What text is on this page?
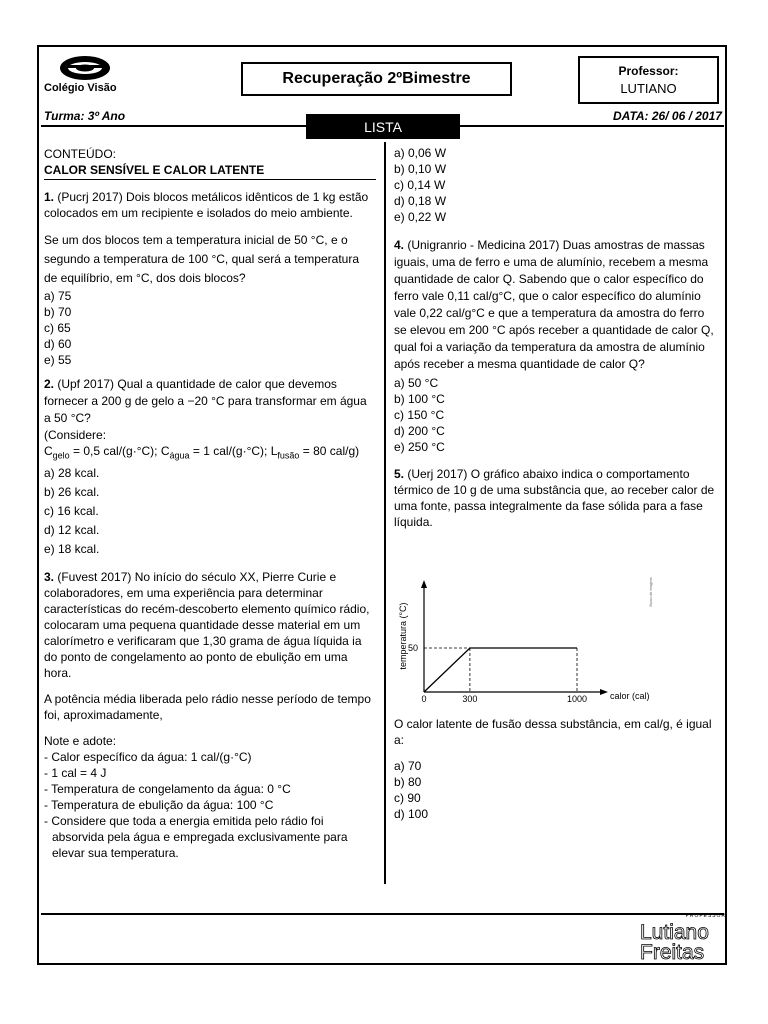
Colégio Visão
Recuperação 2ºBimestre	Professor:
LUTIANO
Turma: 3º Ano	DATA: 26/ 06 / 2017
LISTA

CONTEÚDO:

CALOR SENSÍVEL E CALOR LATENTE

1. (Pucrj 2017) Dois blocos metálicos idênticos de 1 kg estão colocados em um recipiente e isolados do meio ambiente.

Se um dos blocos tem a temperatura inicial de 50 °C, e o segundo a temperatura de 100 °C, qual será a temperatura de equilíbrio, em °C, dos dois blocos?

a) 75

b) 70

c) 65

d) 60

e) 55

2. (Upf 2017) Qual a quantidade de calor que devemos fornecer a 200 g de gelo a −20 °C para transformar em água a 50 °C?

(Considere:

$C_{gelo} = 0,5$ cal/(g·°C); $C_{água} = 1$ cal/(g·°C); $L_{fusão} = 80$ cal/g)

a) 28 kcal.

b) 26 kcal.

c) 16 kcal.

d) 12 kcal.

e) 18 kcal.

3. (Fuvest 2017) No início do século XX, Pierre Curie e colaboradores, em uma experiência para determinar características do recém-descoberto elemento químico rádio, colocaram uma pequena quantidade desse material em um calorímetro e verificaram que 1,30 grama de água líquida ia do ponto de congelamento ao ponto de ebulição em uma hora.

A potência média liberada pelo rádio nesse período de tempo foi, aproximadamente,

Note e adote:

- Calor específico da água: 1 cal/(g·°C)

- 1 cal = 4 J

- Temperatura de congelamento da água: 0 °C

- Temperatura de ebulição da água: 100 °C

- Considere que toda a energia emitida pelo rádio foi absorvida pela água e empregada exclusivamente para elevar sua temperatura.

a) 0,06 W

b) 0,10 W

c) 0,14 W

d) 0,18 W

e) 0,22 W

4. (Unigranrio - Medicina 2017) Duas amostras de massas iguais, uma de ferro e uma de alumínio, recebem a mesma quantidade de calor Q. Sabendo que o calor específico do ferro vale 0,11 cal/g°C, que o calor específico do alumínio vale 0,22 cal/g°C e que a temperatura da amostra do ferro se elevou em 200 °C após receber a quantidade de calor Q, qual foi a variação da temperatura da amostra de alumínio após receber a mesma quantidade de calor Q?

a) 50 °C

b) 100 °C

c) 150 °C

d) 200 °C

e) 250 °C

5. (Uerj 2017) O gráfico abaixo indica o comportamento térmico de 10 g de uma substância que, ao receber calor de uma fonte, passa integralmente da fase sólida para a fase líquida.

temperatura (°C)
calor (cal)
Banco de imagens
0	300	1000
50

O calor latente de fusão dessa substância, em cal/g, é igual a:

a) 70

b) 80

c) 90

d) 100

PROFESSOR
Lutiano
Freitas
